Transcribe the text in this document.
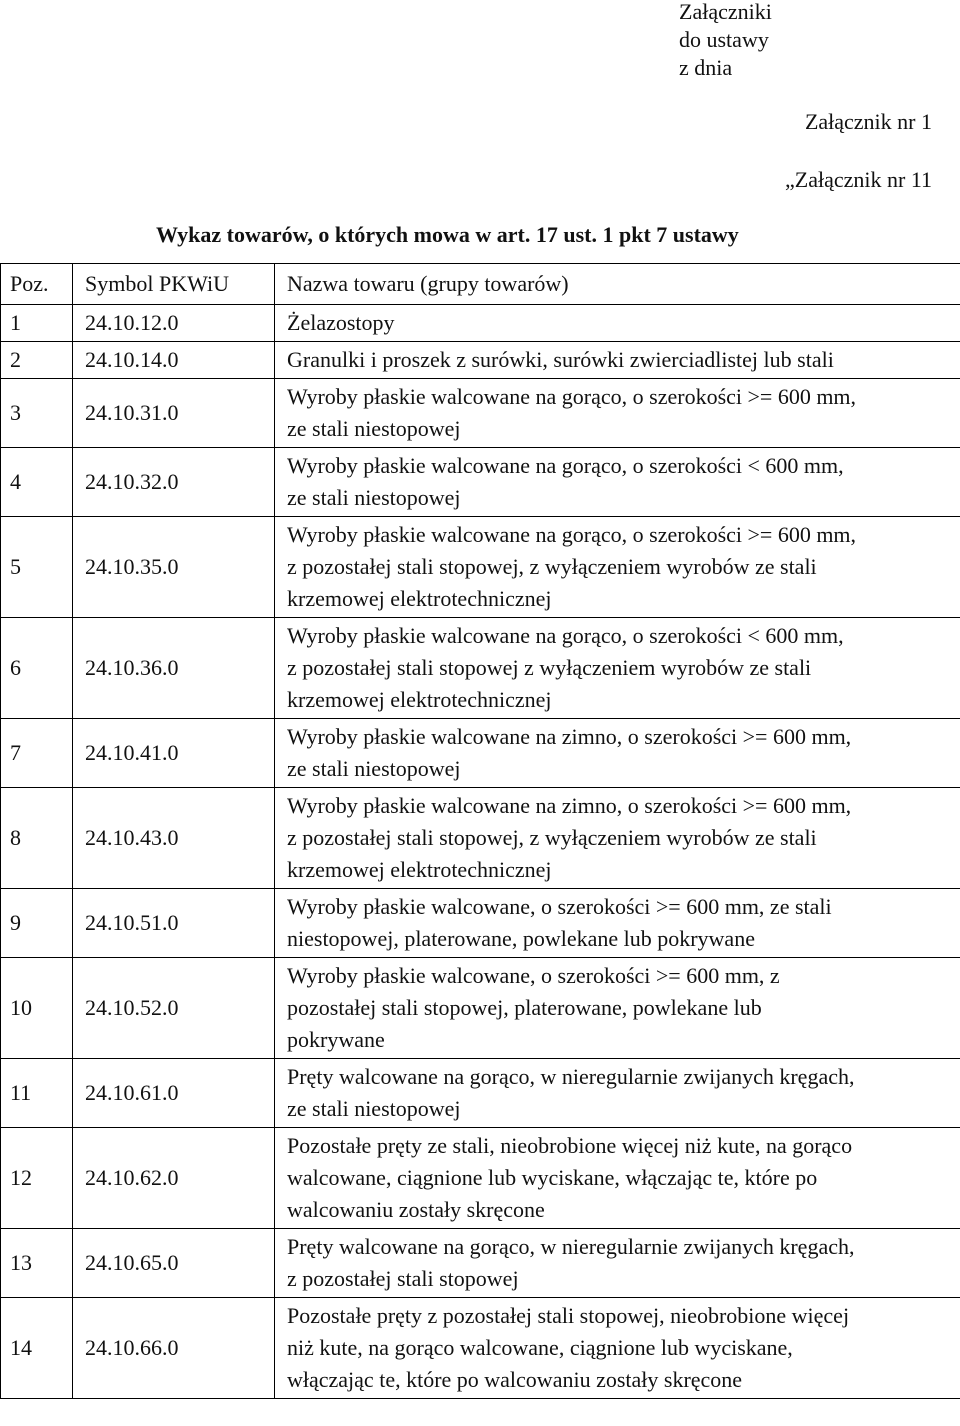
Załączniki
do ustawy
z dnia
Załącznik nr 1
„Załącznik nr 11
Wykaz towarów, o których mowa w art. 17 ust. 1 pkt 7 ustawy
Poz.	Symbol PKWiU	Nazwa towaru (grupy towarów)
1	24.10.12.0	Żelazostopy

2	24.10.14.0	Granulki i proszek z surówki, surówki zwierciadlistej lub stali

3	24.10.31.0	Wyroby płaskie walcowane na gorąco, o szerokości >= 600 mm,
ze stali niestopowej

4	24.10.32.0	Wyroby płaskie walcowane na gorąco, o szerokości < 600 mm,
ze stali niestopowej

5	24.10.35.0	Wyroby płaskie walcowane na gorąco, o szerokości >= 600 mm,
z pozostałej stali stopowej, z wyłączeniem wyrobów ze stali
krzemowej elektrotechnicznej

6	24.10.36.0	Wyroby płaskie walcowane na gorąco, o szerokości < 600 mm,
z pozostałej stali stopowej z wyłączeniem wyrobów ze stali
krzemowej elektrotechnicznej

7	24.10.41.0	Wyroby płaskie walcowane na zimno, o szerokości >= 600 mm,
ze stali niestopowej

8	24.10.43.0	Wyroby płaskie walcowane na zimno, o szerokości >= 600 mm,
z pozostałej stali stopowej, z wyłączeniem wyrobów ze stali
krzemowej elektrotechnicznej

9	24.10.51.0	Wyroby płaskie walcowane, o szerokości >= 600 mm, ze stali
niestopowej, platerowane, powlekane lub pokrywane

10	24.10.52.0	Wyroby płaskie walcowane, o szerokości >= 600 mm, z
pozostałej stali stopowej, platerowane, powlekane lub
pokrywane

11	24.10.61.0	Pręty walcowane na gorąco, w nieregularnie zwijanych kręgach,
ze stali niestopowej

12	24.10.62.0	Pozostałe pręty ze stali, nieobrobione więcej niż kute, na gorąco
walcowane, ciągnione lub wyciskane, włączając te, które po
walcowaniu zostały skręcone

13	24.10.65.0	Pręty walcowane na gorąco, w nieregularnie zwijanych kręgach,
z pozostałej stali stopowej

14	24.10.66.0	Pozostałe pręty z pozostałej stali stopowej, nieobrobione więcej
niż kute, na gorąco walcowane, ciągnione lub wyciskane,
włączając te, które po walcowaniu zostały skręcone
